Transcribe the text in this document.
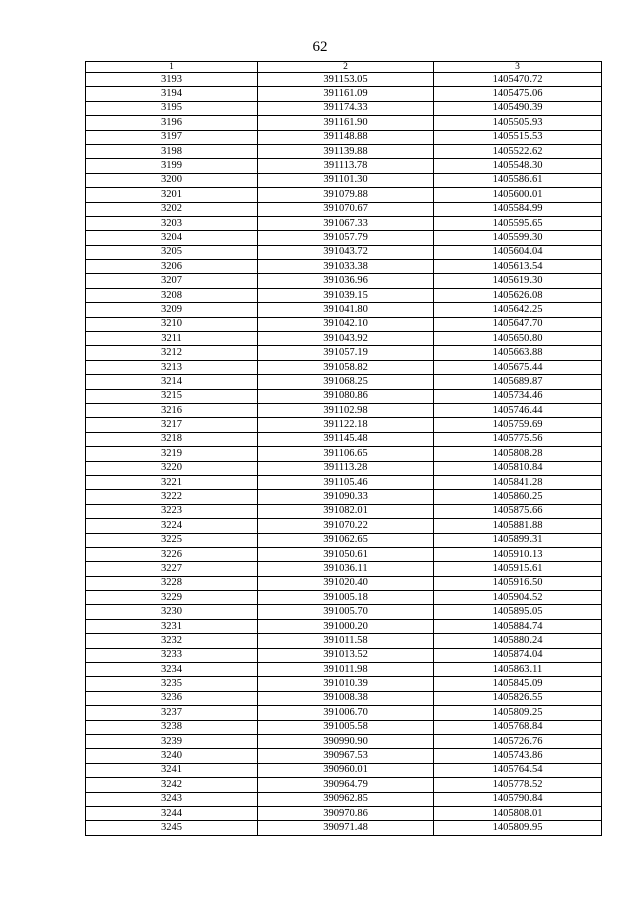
62
1	2	3
3193	391153.05	1405470.72
3194	391161.09	1405475.06
3195	391174.33	1405490.39
3196	391161.90	1405505.93
3197	391148.88	1405515.53
3198	391139.88	1405522.62
3199	391113.78	1405548.30
3200	391101.30	1405586.61
3201	391079.88	1405600.01
3202	391070.67	1405584.99
3203	391067.33	1405595.65
3204	391057.79	1405599.30
3205	391043.72	1405604.04
3206	391033.38	1405613.54
3207	391036.96	1405619.30
3208	391039.15	1405626.08
3209	391041.80	1405642.25
3210	391042.10	1405647.70
3211	391043.92	1405650.80
3212	391057.19	1405663.88
3213	391058.82	1405675.44
3214	391068.25	1405689.87
3215	391080.86	1405734.46
3216	391102.98	1405746.44
3217	391122.18	1405759.69
3218	391145.48	1405775.56
3219	391106.65	1405808.28
3220	391113.28	1405810.84
3221	391105.46	1405841.28
3222	391090.33	1405860.25
3223	391082.01	1405875.66
3224	391070.22	1405881.88
3225	391062.65	1405899.31
3226	391050.61	1405910.13
3227	391036.11	1405915.61
3228	391020.40	1405916.50
3229	391005.18	1405904.52
3230	391005.70	1405895.05
3231	391000.20	1405884.74
3232	391011.58	1405880.24
3233	391013.52	1405874.04
3234	391011.98	1405863.11
3235	391010.39	1405845.09
3236	391008.38	1405826.55
3237	391006.70	1405809.25
3238	391005.58	1405768.84
3239	390990.90	1405726.76
3240	390967.53	1405743.86
3241	390960.01	1405764.54
3242	390964.79	1405778.52
3243	390962.85	1405790.84
3244	390970.86	1405808.01
3245	390971.48	1405809.95
